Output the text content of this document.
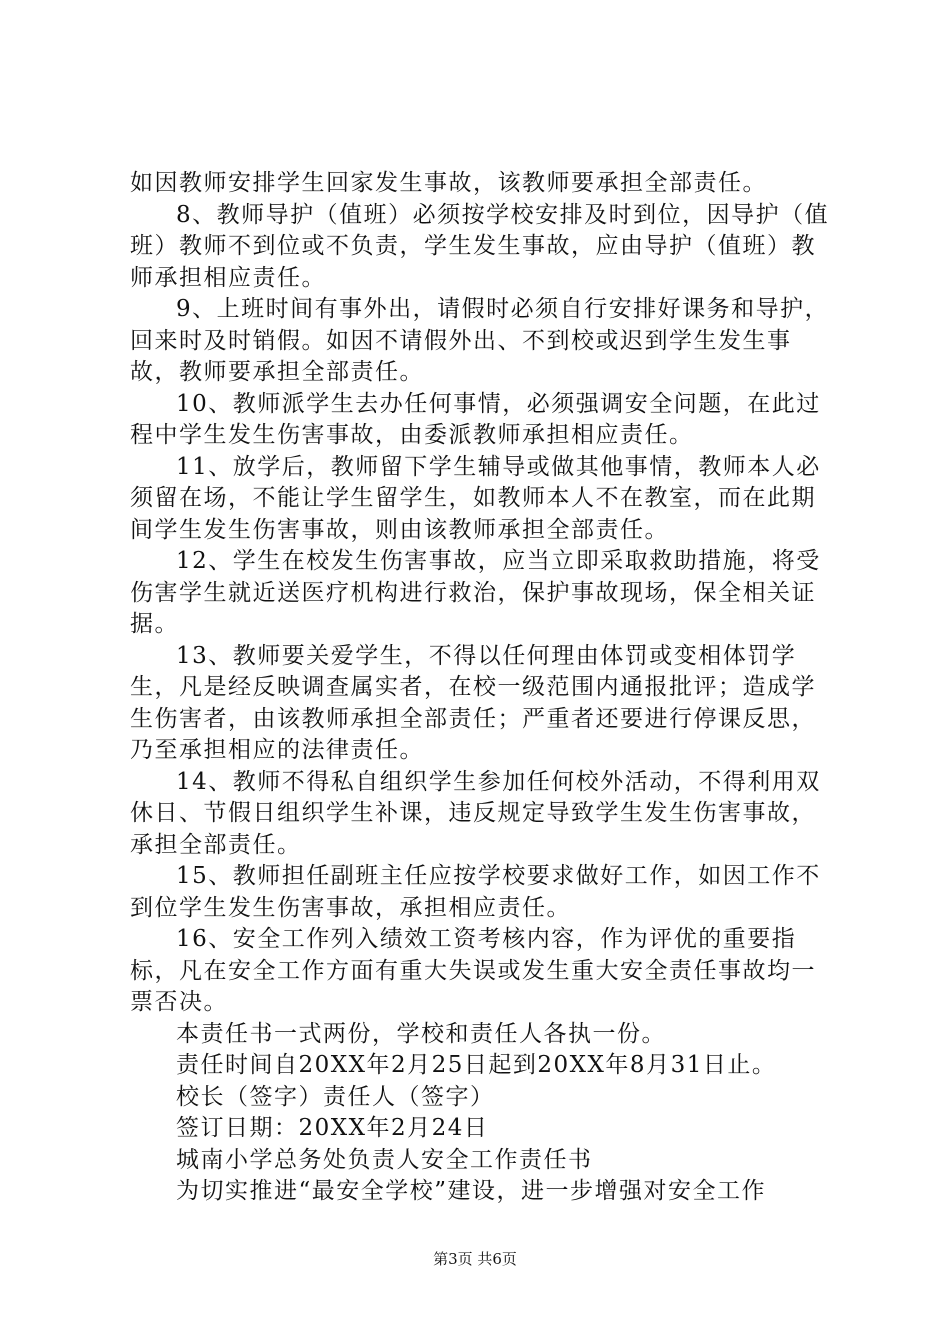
如因教师安排学生回家发生事故，该教师要承担全部责任。

8、教师导护（值班）必须按学校安排及时到位，因导护（值班）教师不到位或不负责，学生发生事故，应由导护（值班）教师承担相应责任。

9、上班时间有事外出，请假时必须自行安排好课务和导护，回来时及时销假。如因不请假外出、不到校或迟到学生发生事故，教师要承担全部责任。

10、教师派学生去办任何事情，必须强调安全问题，在此过程中学生发生伤害事故，由委派教师承担相应责任。

11、放学后，教师留下学生辅导或做其他事情，教师本人必须留在场，不能让学生留学生，如教师本人不在教室，而在此期间学生发生伤害事故，则由该教师承担全部责任。

12、学生在校发生伤害事故，应当立即采取救助措施，将受伤害学生就近送医疗机构进行救治，保护事故现场，保全相关证据。

13、教师要关爱学生，不得以任何理由体罚或变相体罚学生，凡是经反映调查属实者，在校一级范围内通报批评；造成学生伤害者，由该教师承担全部责任；严重者还要进行停课反思，乃至承担相应的法律责任。

14、教师不得私自组织学生参加任何校外活动，不得利用双休日、节假日组织学生补课，违反规定导致学生发生伤害事故，承担全部责任。

15、教师担任副班主任应按学校要求做好工作，如因工作不到位学生发生伤害事故，承担相应责任。

16、安全工作列入绩效工资考核内容，作为评优的重要指标，凡在安全工作方面有重大失误或发生重大安全责任事故均一票否决。

本责任书一式两份，学校和责任人各执一份。

责任时间自20XX年2月25日起到20XX年8月31日止。

校长（签字）责任人（签字）

签订日期：20XX年2月24日

城南小学总务处负责人安全工作责任书

为切实推进“最安全学校”建设，进一步增强对安全工作

第3页 共6页
